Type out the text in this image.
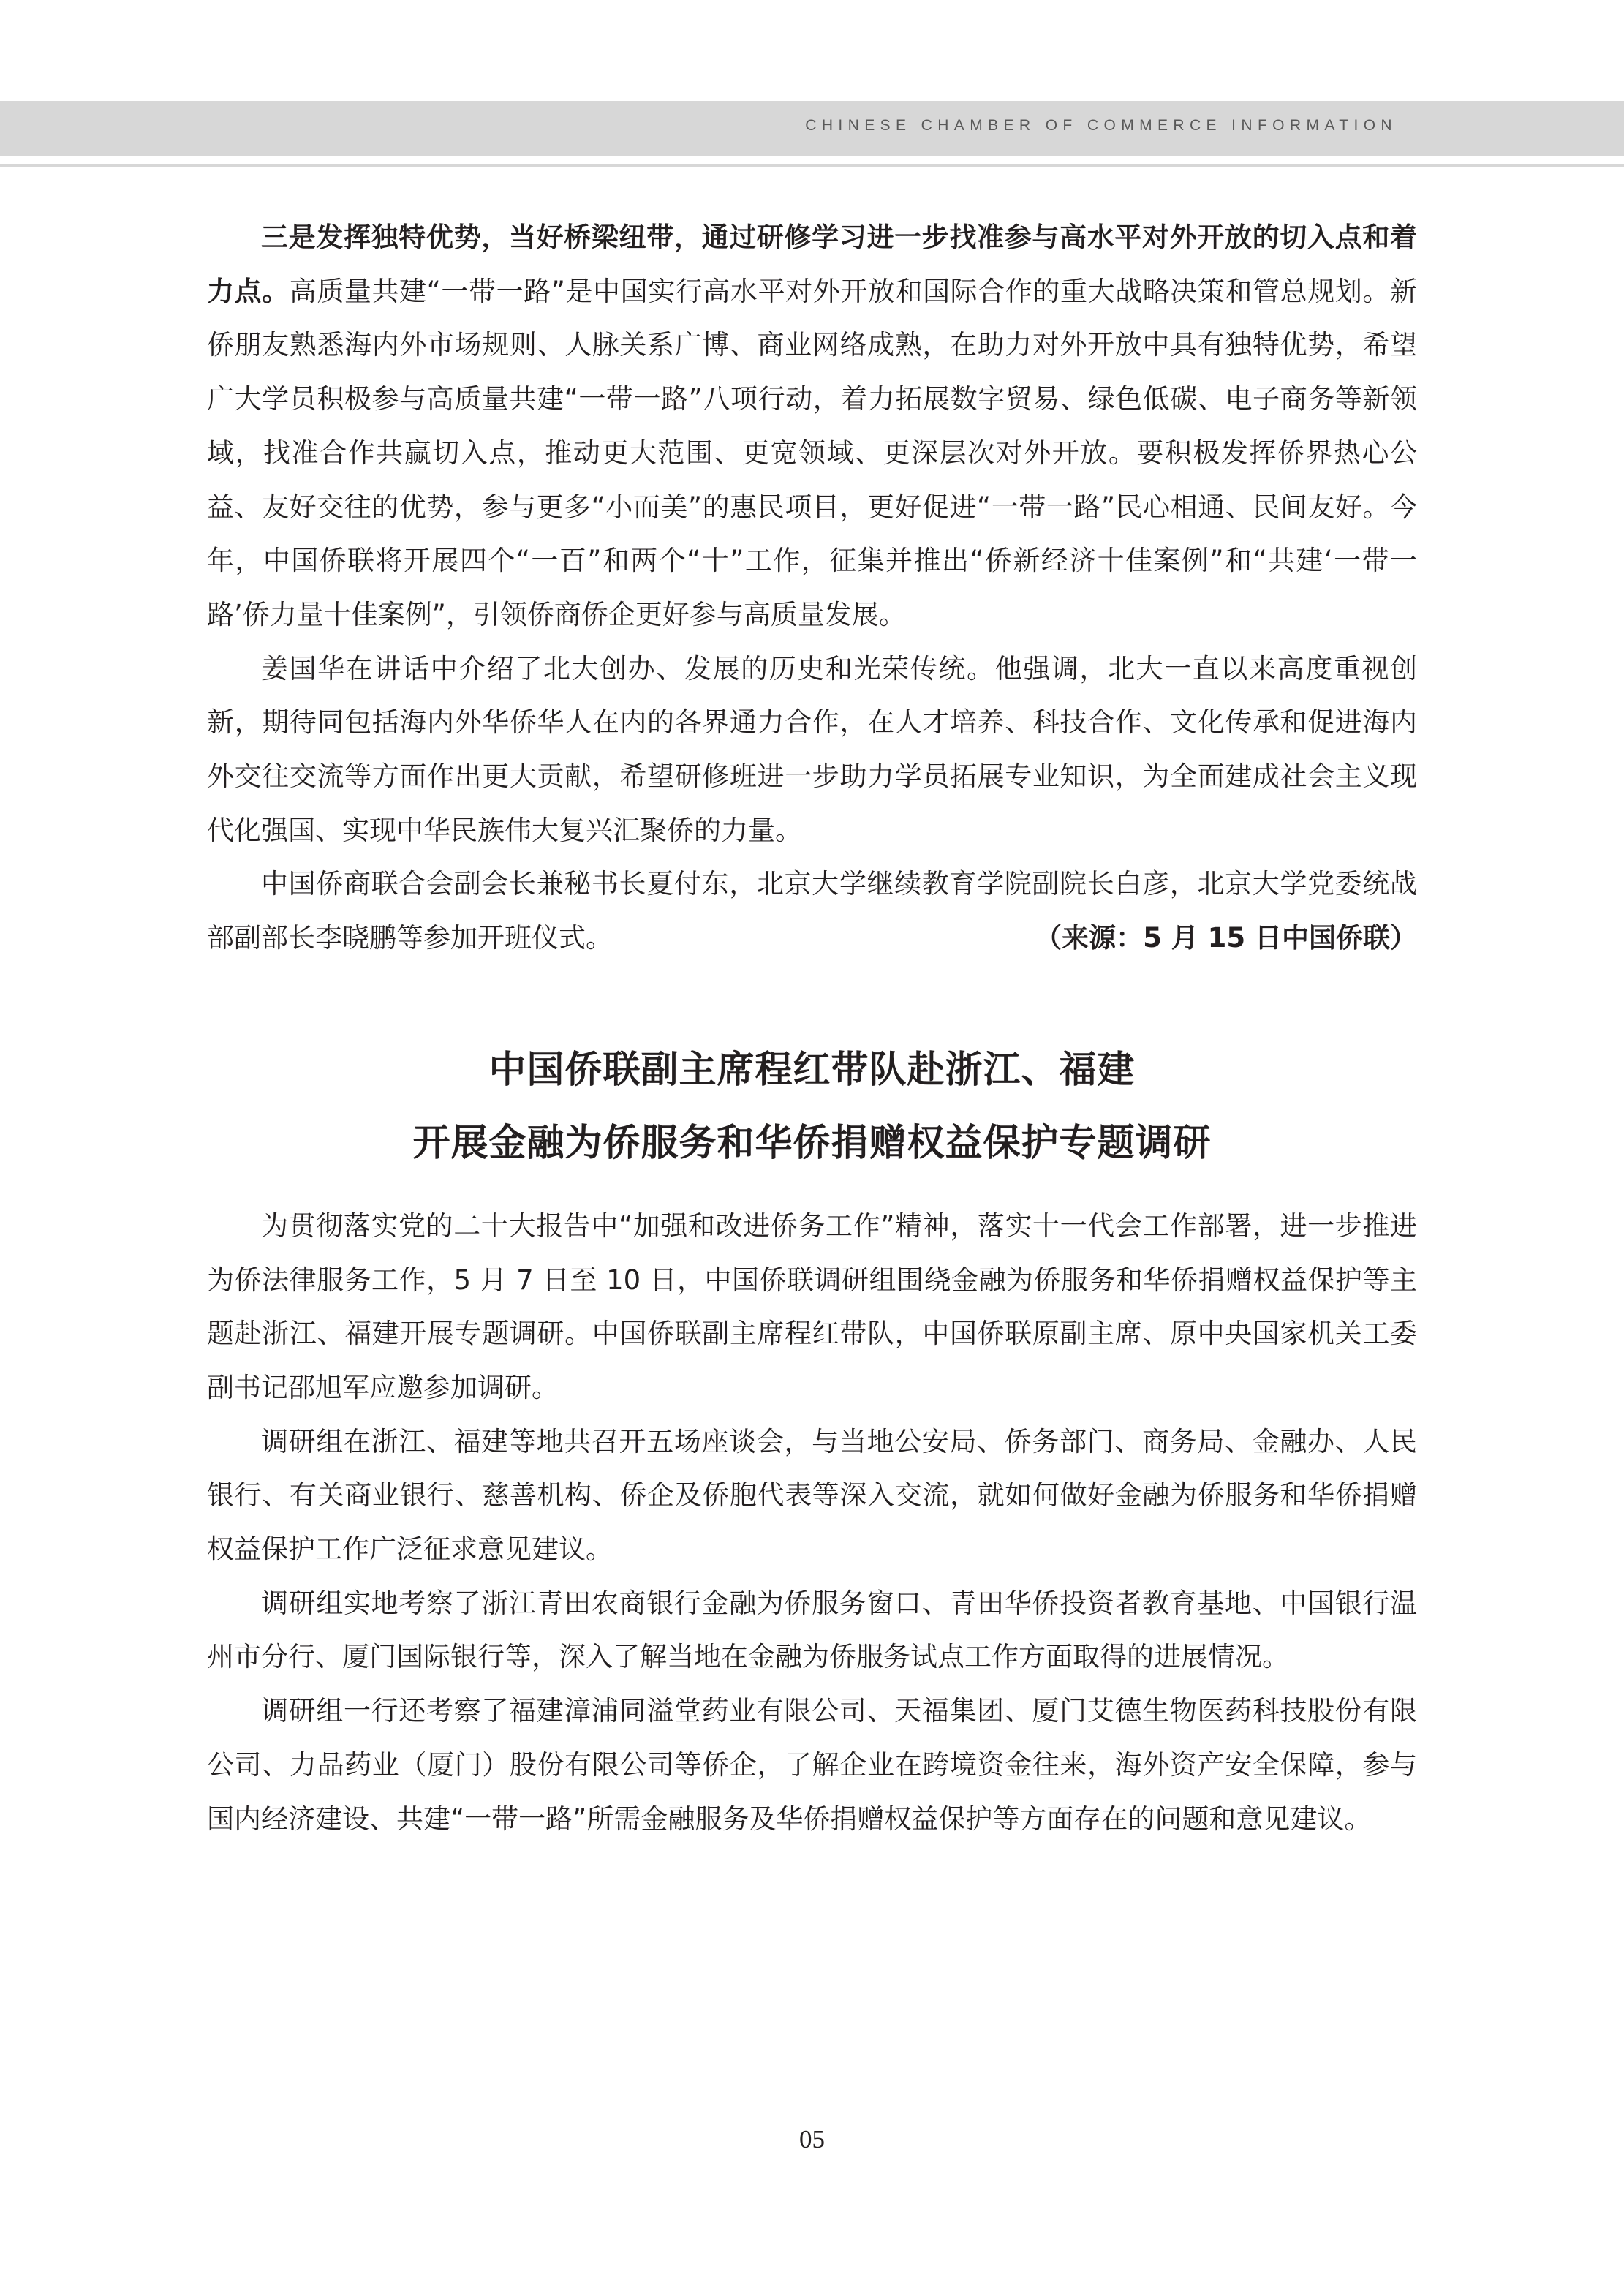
CHINESE CHAMBER OF COMMERCE INFORMATION

三是发挥独特优势，当好桥梁纽带，通过研修学习进一步找准参与高水平对外开放的切入点和着力点。高质量共建“一带一路”是中国实行高水平对外开放和国际合作的重大战略决策和管总规划。新侨朋友熟悉海内外市场规则、人脉关系广博、商业网络成熟，在助力对外开放中具有独特优势，希望广大学员积极参与高质量共建“一带一路”八项行动，着力拓展数字贸易、绿色低碳、电子商务等新领域，找准合作共赢切入点，推动更大范围、更宽领域、更深层次对外开放。要积极发挥侨界热心公益、友好交往的优势，参与更多“小而美”的惠民项目，更好促进“一带一路”民心相通、民间友好。今年，中国侨联将开展四个“一百”和两个“十”工作，征集并推出“侨新经济十佳案例”和“共建‘一带一路’侨力量十佳案例”，引领侨商侨企更好参与高质量发展。

姜国华在讲话中介绍了北大创办、发展的历史和光荣传统。他强调，北大一直以来高度重视创新，期待同包括海内外华侨华人在内的各界通力合作，在人才培养、科技合作、文化传承和促进海内外交往交流等方面作出更大贡献，希望研修班进一步助力学员拓展专业知识，为全面建成社会主义现代化强国、实现中华民族伟大复兴汇聚侨的力量。

中国侨商联合会副会长兼秘书长夏付东，北京大学继续教育学院副院长白彦，北京大学党委统战部副部长李晓鹏等参加开班仪式。	（来源：5 月 15 日中国侨联）

中国侨联副主席程红带队赴浙江、福建
开展金融为侨服务和华侨捐赠权益保护专题调研

为贯彻落实党的二十大报告中“加强和改进侨务工作”精神，落实十一代会工作部署，进一步推进为侨法律服务工作，5 月 7 日至 10 日，中国侨联调研组围绕金融为侨服务和华侨捐赠权益保护等主题赴浙江、福建开展专题调研。中国侨联副主席程红带队，中国侨联原副主席、原中央国家机关工委副书记邵旭军应邀参加调研。

调研组在浙江、福建等地共召开五场座谈会，与当地公安局、侨务部门、商务局、金融办、人民银行、有关商业银行、慈善机构、侨企及侨胞代表等深入交流，就如何做好金融为侨服务和华侨捐赠权益保护工作广泛征求意见建议。

调研组实地考察了浙江青田农商银行金融为侨服务窗口、青田华侨投资者教育基地、中国银行温州市分行、厦门国际银行等，深入了解当地在金融为侨服务试点工作方面取得的进展情况。

调研组一行还考察了福建漳浦同溢堂药业有限公司、天福集团、厦门艾德生物医药科技股份有限公司、力品药业（厦门）股份有限公司等侨企，了解企业在跨境资金往来，海外资产安全保障，参与国内经济建设、共建“一带一路”所需金融服务及华侨捐赠权益保护等方面存在的问题和意见建议。

05
